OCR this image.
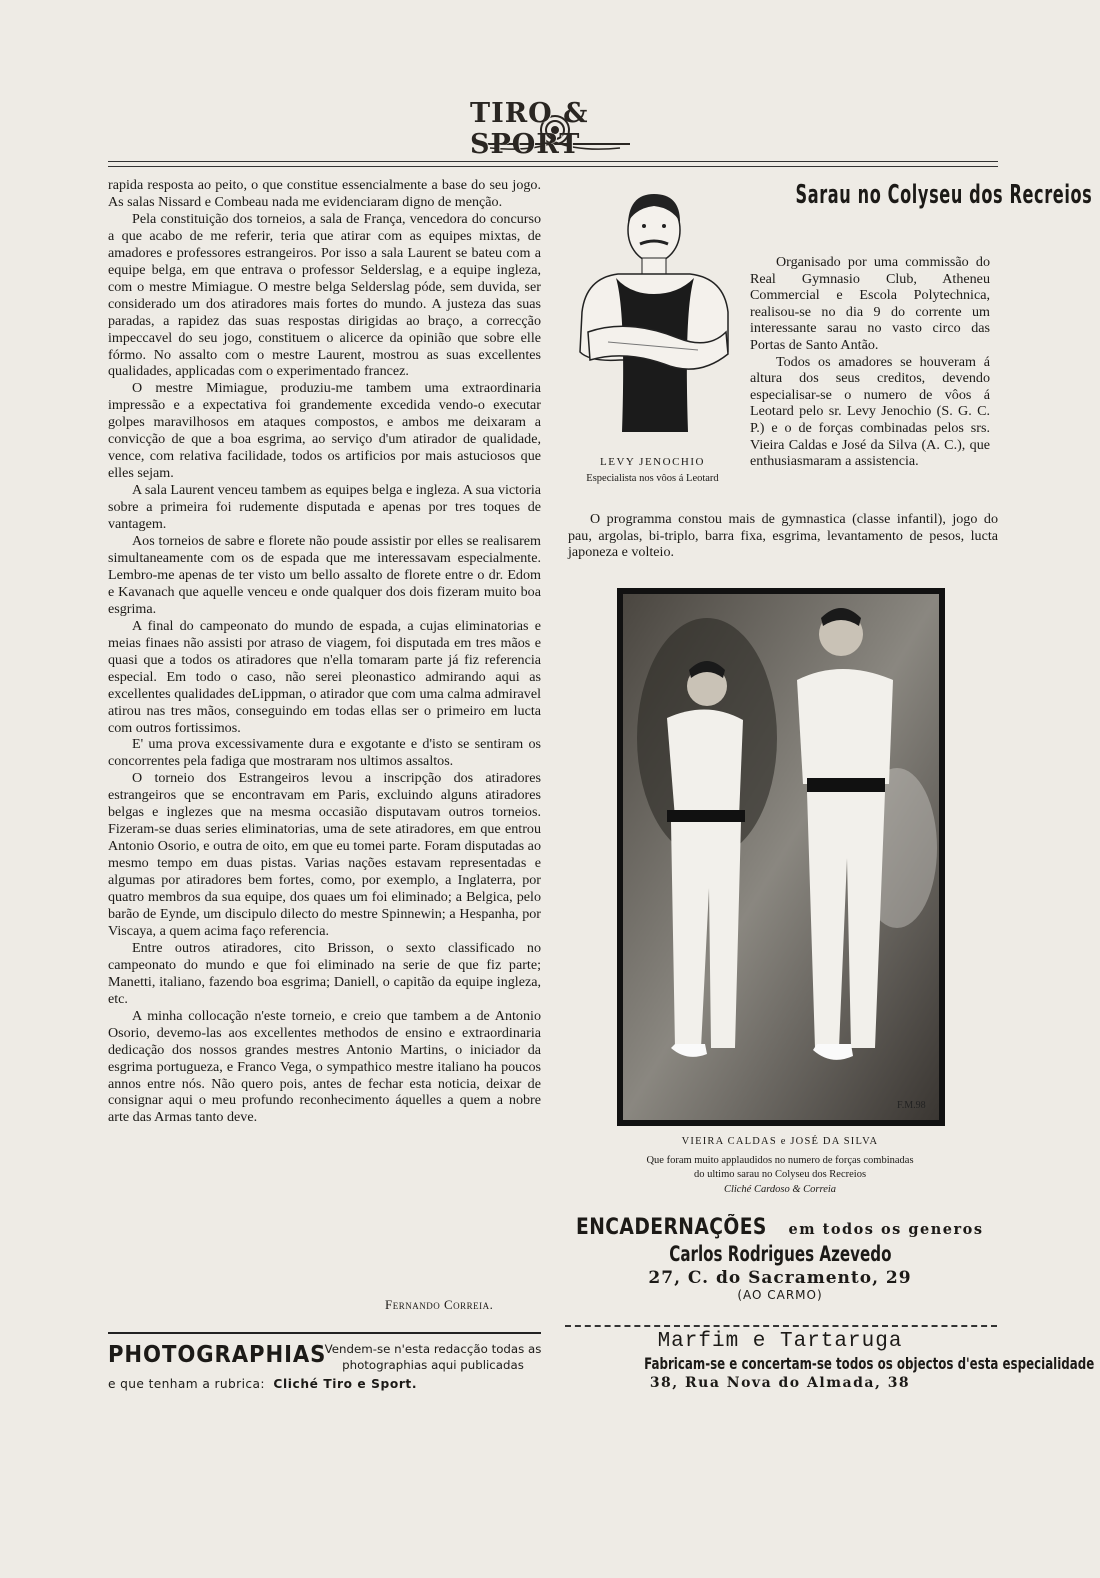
TIRO & SPORT

rapida resposta ao peito, o que constitue essencialmente a base do seu jogo. As salas Nissard e Combeau nada me evidenciaram digno de menção.

Pela constituição dos torneios, a sala de França, vencedora do concurso a que acabo de me referir, teria que atirar com as equipes mixtas, de amadores e professores estrangeiros. Por isso a sala Laurent se bateu com a equipe belga, em que entrava o professor Selderslag, e a equipe ingleza, com o mestre Mimiague. O mestre belga Selderslag póde, sem duvida, ser considerado um dos atiradores mais fortes do mundo. A justeza das suas paradas, a rapidez das suas respostas dirigidas ao braço, a correcção impeccavel do seu jogo, constituem o alicerce da opinião que sobre elle fórmo. No assalto com o mestre Laurent, mostrou as suas excellentes qualidades, applicadas com o experimentado francez.

O mestre Mimiague, produziu-me tambem uma extraordinaria impressão e a expectativa foi grandemente excedida vendo-o executar golpes maravilhosos em ataques compostos, e ambos me deixaram a convicção de que a boa esgrima, ao serviço d'um atirador de qualidade, vence, com relativa facilidade, todos os artificios por mais astuciosos que elles sejam.

A sala Laurent venceu tambem as equipes belga e ingleza. A sua victoria sobre a primeira foi rudemente disputada e apenas por tres toques de vantagem.

Aos torneios de sabre e florete não poude assistir por elles se realisarem simultaneamente com os de espada que me interessavam especialmente. Lembro-me apenas de ter visto um bello assalto de florete entre o dr. Edom e Kavanach que aquelle venceu e onde qualquer dos dois fizeram muito boa esgrima.

A final do campeonato do mundo de espada, a cujas eliminatorias e meias finaes não assisti por atraso de viagem, foi disputada em tres mãos e quasi que a todos os atiradores que n'ella tomaram parte já fiz referencia especial. Em todo o caso, não serei pleonastico admirando aqui as excellentes qualidades deLippman, o atirador que com uma calma admiravel atirou nas tres mãos, conseguindo em todas ellas ser o primeiro em lucta com outros fortissimos.

E' uma prova excessivamente dura e exgotante e d'isto se sentiram os concorrentes pela fadiga que mostraram nos ultimos assaltos.

O torneio dos Estrangeiros levou a inscripção dos atiradores estrangeiros que se encontravam em Paris, excluindo alguns atiradores belgas e inglezes que na mesma occasião disputavam outros torneios. Fizeram-se duas series eliminatorias, uma de sete atiradores, em que entrou Antonio Osorio, e outra de oito, em que eu tomei parte. Foram disputadas ao mesmo tempo em duas pistas. Varias nações estavam representadas e algumas por atiradores bem fortes, como, por exemplo, a Inglaterra, por quatro membros da sua equipe, dos quaes um foi eliminado; a Belgica, pelo barão de Eynde, um discipulo dilecto do mestre Spinnewin; a Hespanha, por Viscaya, a quem acima faço referencia.

Entre outros atiradores, cito Brisson, o sexto classificado no campeonato do mundo e que foi eliminado na serie de que fiz parte; Manetti, italiano, fazendo boa esgrima; Daniell, o capitão da equipe ingleza, etc.

A minha collocação n'este torneio, e creio que tambem a de Antonio Osorio, devemo-las aos excellentes methodos de ensino e extraordinaria dedicação dos nossos grandes mestres Antonio Martins, o iniciador da esgrima portugueza, e Franco Vega, o sympathico mestre italiano ha poucos annos entre nós. Não quero pois, antes de fechar esta noticia, deixar de consignar aqui o meu profundo reconhecimento áquelles a quem a nobre arte das Armas tanto deve.

Fernando Correia.
PHOTOGRAPHIAS
Vendem-se n'esta redacção todas as photographias aqui publicadas
e que tenham a rubrica: Cliché Tiro e Sport.
LEVY JENOCHIO
Especialista nos vôos á Leotard
Sarau no Colyseu dos Recreios

Organisado por uma commissão do Real Gymnasio Club, Atheneu Commercial e Escola Polytechnica, realisou-se no dia 9 do corrente um interessante sarau no vasto circo das Portas de Santo Antão.

Todos os amadores se houveram á altura dos seus creditos, devendo especialisar-se o numero de vôos á Leotard pelo sr. Levy Jenochio (S. G. C. P.) e o de forças combinadas pelos srs. Vieira Caldas e José da Silva (A. C.), que enthusiasmaram a assistencia.

O programma constou mais de gymnastica (classe infantil), jogo do pau, argolas, bi-triplo, barra fixa, esgrima, levantamento de pesos, lucta japoneza e volteio.

F.M.98
VIEIRA CALDAS e JOSÉ DA SILVA
Que foram muito applaudidos no numero de forças combinadas
do ultimo sarau no Colyseu dos Recreios
Cliché Cardoso & Correia
ENCADERNAÇÕES em todos os generos
Carlos Rodrigues Azevedo
27, C. do Sacramento, 29
(AO CARMO)
Marfim e Tartaruga
Fabricam-se e concertam-se todos os objectos d'esta especialidade
38, Rua Nova do Almada, 38
